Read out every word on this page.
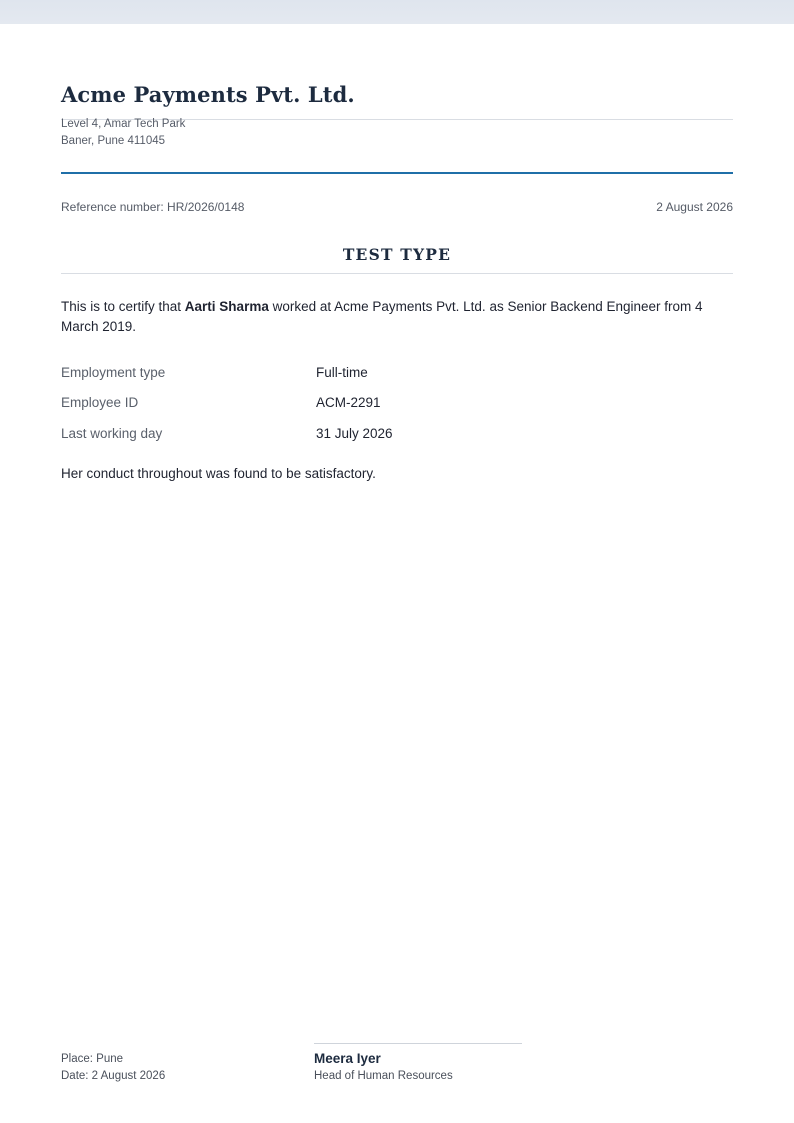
Acme Payments Pvt. Ltd.
Level 4, Amar Tech Park
Baner, Pune 411045
Reference number: HR/2026/0148	2 August 2026
TEST TYPE
This is to certify that Aarti Sharma worked at Acme Payments Pvt. Ltd. as Senior Backend Engineer from 4 March 2019.
Employment type	Full-time
Employee ID	ACM-2291
Last working day	31 July 2026
Her conduct throughout was found to be satisfactory.
Place: Pune
Date: 2 August 2026
Meera Iyer
Head of Human Resources
